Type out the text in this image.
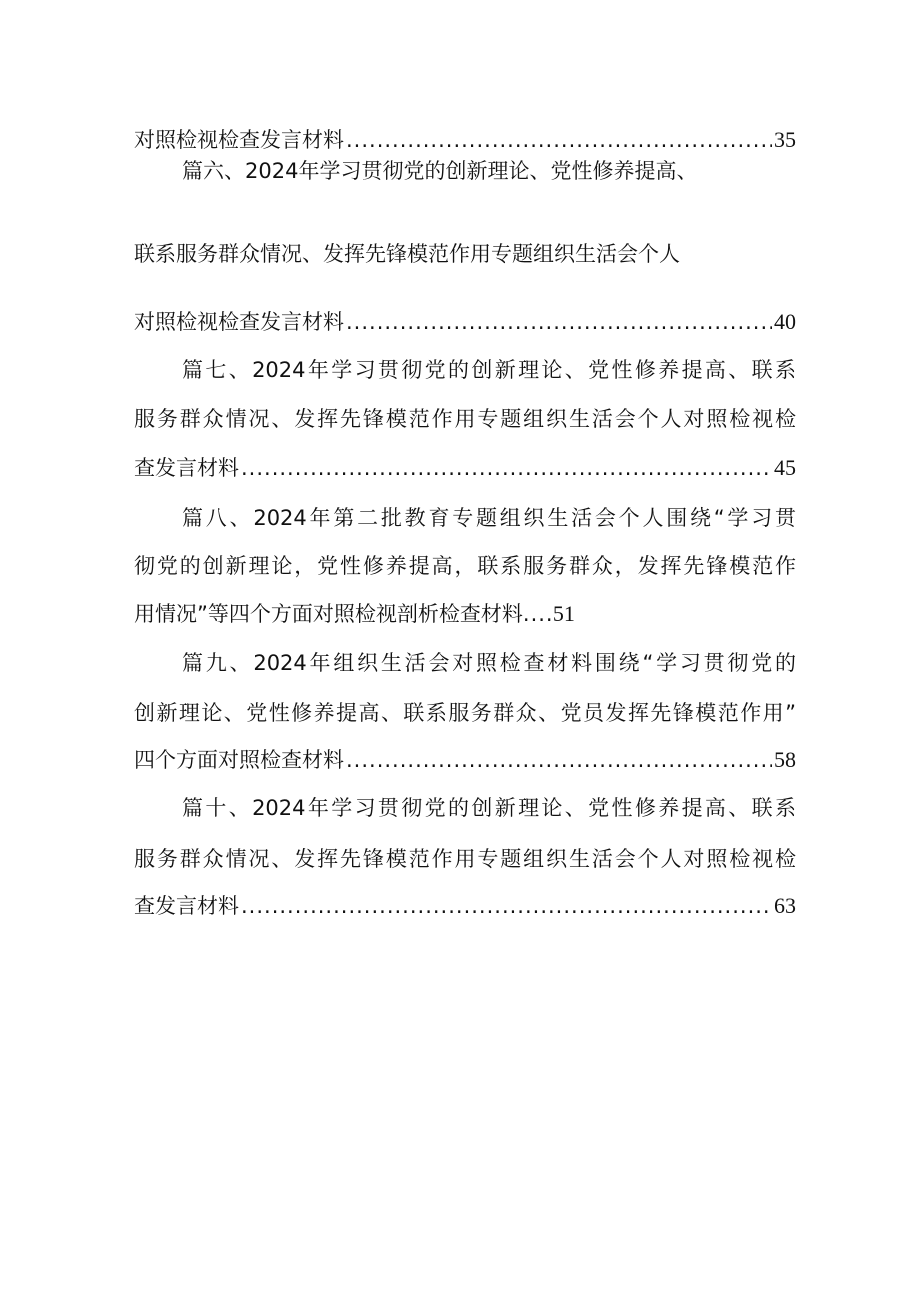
对照检视检查发言材料 .....	35
篇六、2024年学习贯彻党的创新理论、党性修养提高、
联系服务群众情况、发挥先锋模范作用专题组织生活会个人
对照检视检查发言材料 .....	40
篇七、2024年学习贯彻党的创新理论、党性修养提高、联系
服务群众情况、发挥先锋模范作用专题组织生活会个人对照检视检
查发言材料 .....	45
篇八、2024年第二批教育专题组织生活会个人围绕“学习贯
彻党的创新理论，党性修养提高，联系服务群众，发挥先锋模范作
用情况”等四个方面对照检视剖析检查材料 ..... 51
篇九、2024年组织生活会对照检查材料围绕“学习贯彻党的
创新理论、党性修养提高、联系服务群众、党员发挥先锋模范作用”
四个方面对照检查材料 .....	58
篇十、2024年学习贯彻党的创新理论、党性修养提高、联系
服务群众情况、发挥先锋模范作用专题组织生活会个人对照检视检
查发言材料 .....	63
